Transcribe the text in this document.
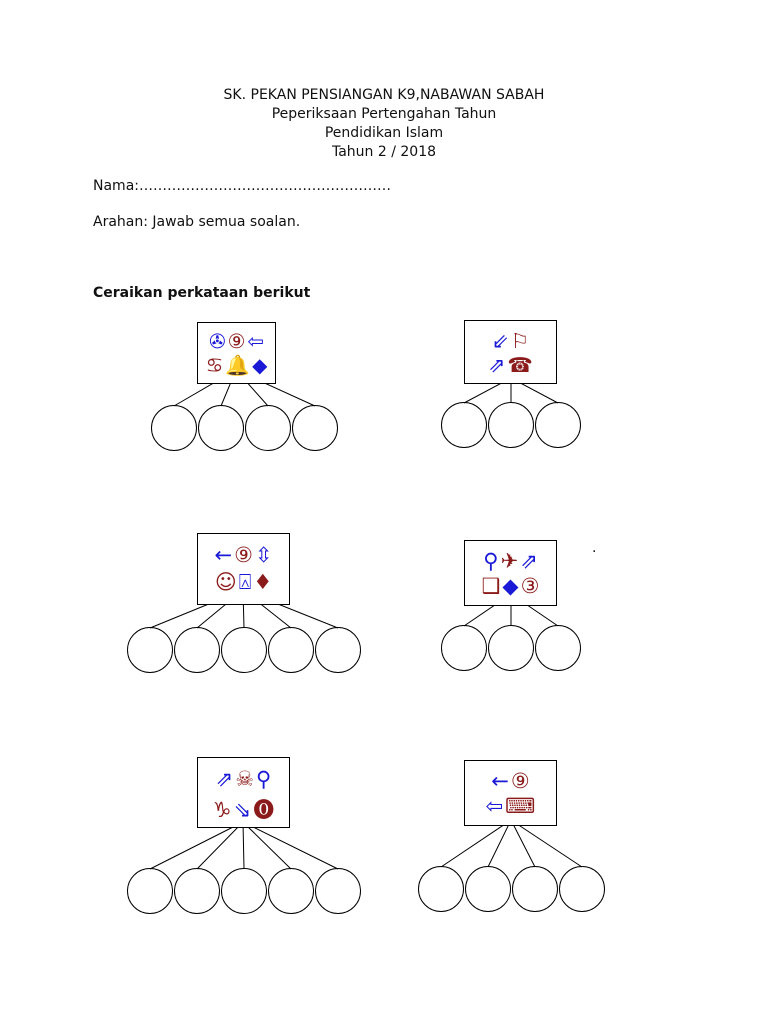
SK. PEKAN PENSIANGAN K9,NABAWAN SABAH
Peperiksaan Pertengahan Tahun
Pendidikan Islam
Tahun 2 / 2018
Nama:………………………………………………
Arahan: Jawab semua soalan.
Ceraikan perkataan berikut
.
✇ ⑨ ⇦
♋ 🔔 ◆
⇙⚐
⇗☎
←⑨⇳
☺⍓♦
⚲✈⇗
❑◆③
⇗☠⚲
♑⇘⓿
←⑨
⇦⌨
